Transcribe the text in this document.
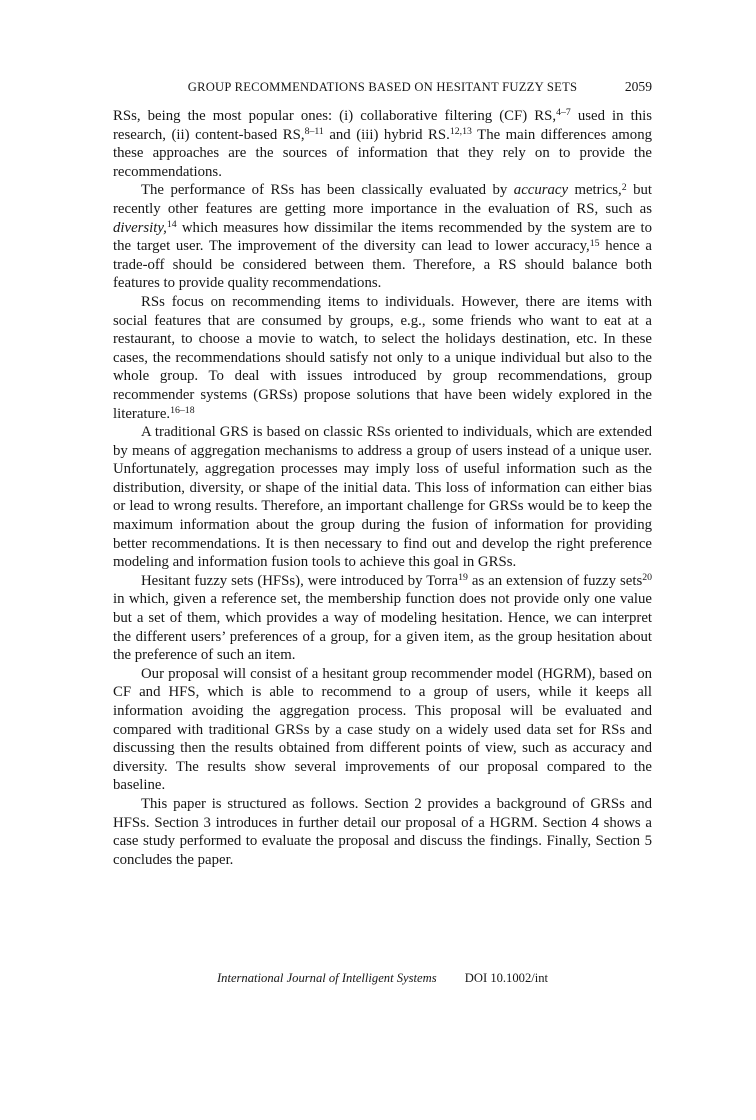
GROUP RECOMMENDATIONS BASED ON HESITANT FUZZY SETS	2059

RSs, being the most popular ones: (i) collaborative filtering (CF) RS,$^{4-7}$ used in this research, (ii) content-based RS,$^{8-11}$ and (iii) hybrid RS.$^{12,13}$ The main differences among these approaches are the sources of information that they rely on to provide the recommendations.

The performance of RSs has been classically evaluated by accuracy metrics,$^2$ but recently other features are getting more importance in the evaluation of RS, such as diversity,$^{14}$ which measures how dissimilar the items recommended by the system are to the target user. The improvement of the diversity can lead to lower accuracy,$^{15}$ hence a trade-off should be considered between them. Therefore, a RS should balance both features to provide quality recommendations.

RSs focus on recommending items to individuals. However, there are items with social features that are consumed by groups, e.g., some friends who want to eat at a restaurant, to choose a movie to watch, to select the holidays destination, etc. In these cases, the recommendations should satisfy not only to a unique individual but also to the whole group. To deal with issues introduced by group recommendations, group recommender systems (GRSs) propose solutions that have been widely explored in the literature.$^{16-18}$

A traditional GRS is based on classic RSs oriented to individuals, which are extended by means of aggregation mechanisms to address a group of users instead of a unique user. Unfortunately, aggregation processes may imply loss of useful information such as the distribution, diversity, or shape of the initial data. This loss of information can either bias or lead to wrong results. Therefore, an important challenge for GRSs would be to keep the maximum information about the group during the fusion of information for providing better recommendations. It is then necessary to find out and develop the right preference modeling and information fusion tools to achieve this goal in GRSs.

Hesitant fuzzy sets (HFSs), were introduced by Torra$^{19}$ as an extension of fuzzy sets$^{20}$ in which, given a reference set, the membership function does not provide only one value but a set of them, which provides a way of modeling hesitation. Hence, we can interpret the different users’ preferences of a group, for a given item, as the group hesitation about the preference of such an item.

Our proposal will consist of a hesitant group recommender model (HGRM), based on CF and HFS, which is able to recommend to a group of users, while it keeps all information avoiding the aggregation process. This proposal will be evaluated and compared with traditional GRSs by a case study on a widely used data set for RSs and discussing then the results obtained from different points of view, such as accuracy and diversity. The results show several improvements of our proposal compared to the baseline.

This paper is structured as follows. Section 2 provides a background of GRSs and HFSs. Section 3 introduces in further detail our proposal of a HGRM. Section 4 shows a case study performed to evaluate the proposal and discuss the findings. Finally, Section 5 concludes the paper.

International Journal of Intelligent Systems DOI 10.1002/int
